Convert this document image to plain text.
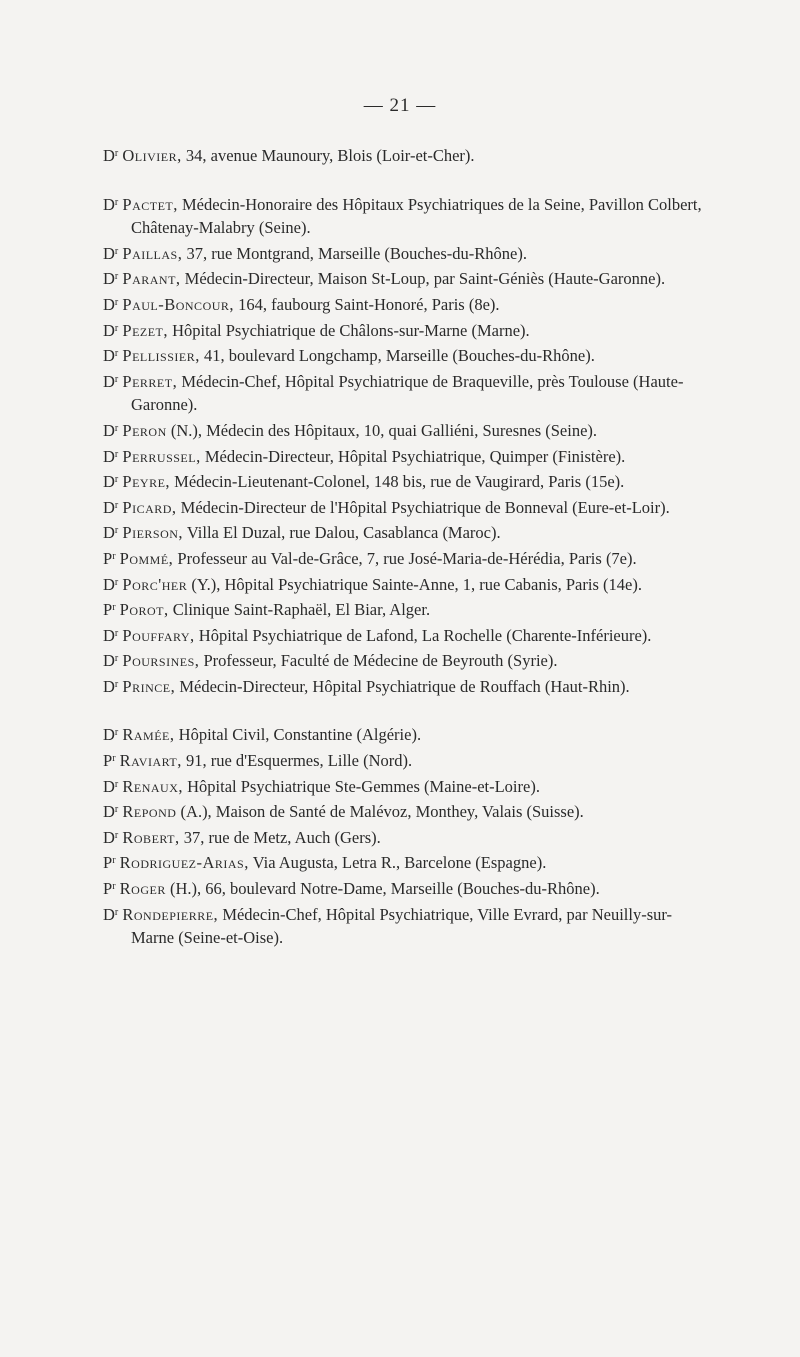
— 21 —

$D^r$ Olivier, 34, avenue Maunoury, Blois (Loir-et-Cher).

$D^r$ Pactet, Médecin-Honoraire des Hôpitaux Psychiatriques de la Seine, Pavillon Colbert, Châtenay-Malabry (Seine).

$D^r$ Paillas, 37, rue Montgrand, Marseille (Bouches-du-Rhône).

$D^r$ Parant, Médecin-Directeur, Maison St-Loup, par Saint-Géniès (Haute-Garonne).

$D^r$ Paul-Boncour, 164, faubourg Saint-Honoré, Paris (8e).

$D^r$ Pezet, Hôpital Psychiatrique de Châlons-sur-Marne (Marne).

$D^r$ Pellissier, 41, boulevard Longchamp, Marseille (Bouches-du-Rhône).

$D^r$ Perret, Médecin-Chef, Hôpital Psychiatrique de Braqueville, près Toulouse (Haute-Garonne).

$D^r$ Peron (N.), Médecin des Hôpitaux, 10, quai Galliéni, Suresnes (Seine).

$D^r$ Perrussel, Médecin-Directeur, Hôpital Psychiatrique, Quimper (Finistère).

$D^r$ Peyre, Médecin-Lieutenant-Colonel, 148 bis, rue de Vaugirard, Paris (15e).

$D^r$ Picard, Médecin-Directeur de l'Hôpital Psychiatrique de Bonneval (Eure-et-Loir).

$D^r$ Pierson, Villa El Duzal, rue Dalou, Casablanca (Maroc).

$P^r$ Pommé, Professeur au Val-de-Grâce, 7, rue José-Maria-de-Hérédia, Paris (7e).

$D^r$ Porc'her (Y.), Hôpital Psychiatrique Sainte-Anne, 1, rue Cabanis, Paris (14e).

$P^r$ Porot, Clinique Saint-Raphaël, El Biar, Alger.

$D^r$ Pouffary, Hôpital Psychiatrique de Lafond, La Rochelle (Charente-Inférieure).

$D^r$ Poursines, Professeur, Faculté de Médecine de Beyrouth (Syrie).

$D^r$ Prince, Médecin-Directeur, Hôpital Psychiatrique de Rouffach (Haut-Rhin).

$D^r$ Ramée, Hôpital Civil, Constantine (Algérie).

$P^r$ Raviart, 91, rue d'Esquermes, Lille (Nord).

$D^r$ Renaux, Hôpital Psychiatrique Ste-Gemmes (Maine-et-Loire).

$D^r$ Repond (A.), Maison de Santé de Malévoz, Monthey, Valais (Suisse).

$D^r$ Robert, 37, rue de Metz, Auch (Gers).

$P^r$ Rodriguez-Arias, Via Augusta, Letra R., Barcelone (Espagne).

$P^r$ Roger (H.), 66, boulevard Notre-Dame, Marseille (Bouches-du-Rhône).

$D^r$ Rondepierre, Médecin-Chef, Hôpital Psychiatrique, Ville Evrard, par Neuilly-sur-Marne (Seine-et-Oise).
